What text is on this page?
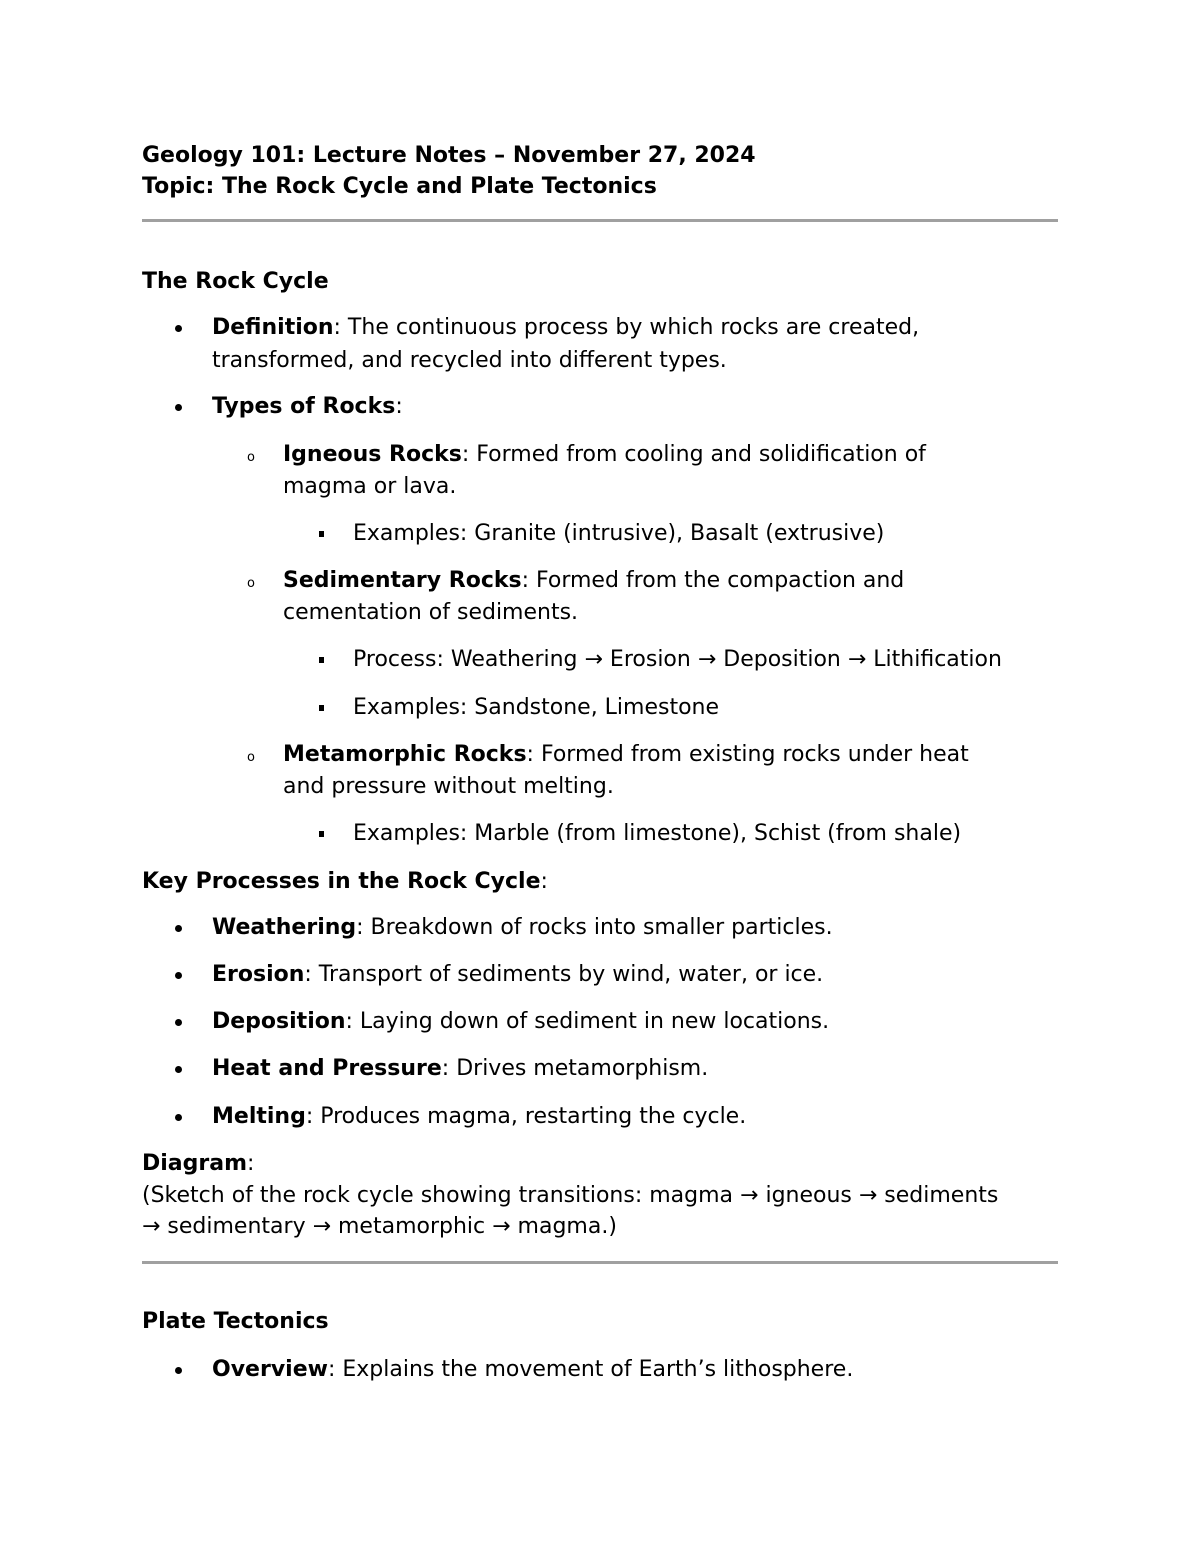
Geology 101: Lecture Notes – November 27, 2024
Topic: The Rock Cycle and Plate Tectonics
The Rock Cycle
Definition: The continuous process by which rocks are created,
transformed, and recycled into different types.
Types of Rocks:
o Igneous Rocks: Formed from cooling and solidification of
magma or lava.
Examples: Granite (intrusive), Basalt (extrusive)
o Sedimentary Rocks: Formed from the compaction and
cementation of sediments.
Process: Weathering → Erosion → Deposition → Lithification
Examples: Sandstone, Limestone
o Metamorphic Rocks: Formed from existing rocks under heat
and pressure without melting.
Examples: Marble (from limestone), Schist (from shale)
Key Processes in the Rock Cycle:
Weathering: Breakdown of rocks into smaller particles.
Erosion: Transport of sediments by wind, water, or ice.
Deposition: Laying down of sediment in new locations.
Heat and Pressure: Drives metamorphism.
Melting: Produces magma, restarting the cycle.
Diagram:
(Sketch of the rock cycle showing transitions: magma → igneous → sediments
→ sedimentary → metamorphic → magma.)
Plate Tectonics
Overview: Explains the movement of Earth’s lithosphere.
